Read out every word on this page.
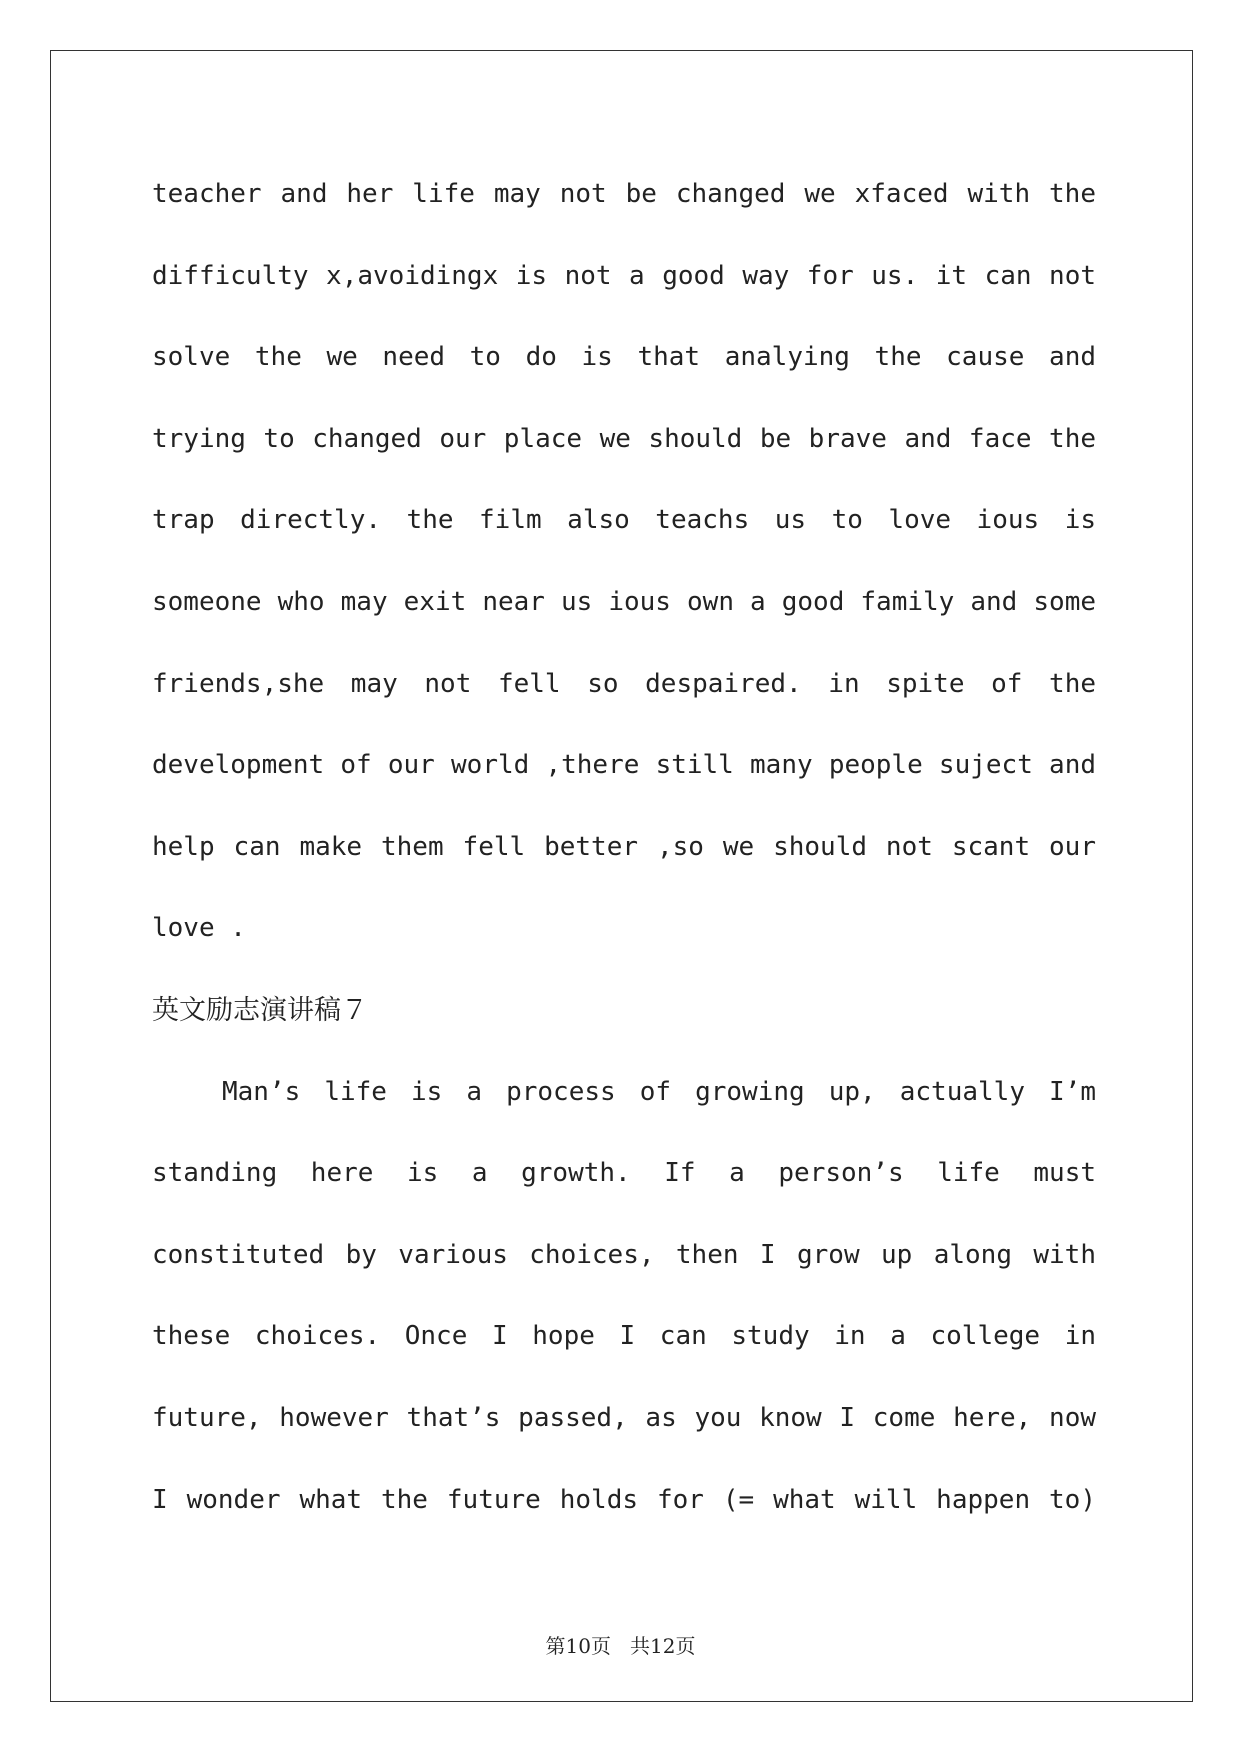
teacher and her life may not be changed we xfaced with the
difficulty x,avoidingx is not a good way for us. it can not
solve the we need to do is that analying the cause and
trying to changed our place we should be brave and face the
trap directly. the film also teachs us to love ious is
someone who may exit near us ious own a good family and some
friends,she may not fell so despaired. in spite of the
development of our world ,there still many people suject and
help can make them fell better ,so we should not scant our
love .
英文励志演讲稿７
Man’s life is a process of growing up, actually I’m
standing here is a growth. If a person’s life must
constituted by various choices, then I grow up along with
these choices. Once I hope I can study in a college in
future, however that’s passed, as you know I come here, now
I wonder what the future holds for (= what will happen to)
第10页 共12页
